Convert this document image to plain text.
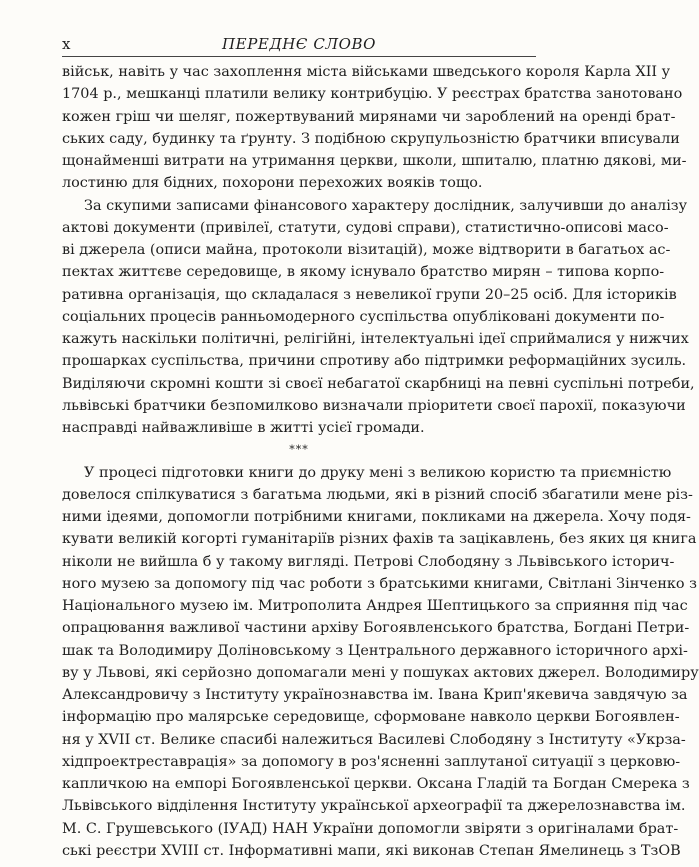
x	ПЕРЕДНЄ СЛОВО
військ, навіть у час захоплення міста військами шведського короля Карла XII у
1704 р., мешканці платили велику контрибуцію. У реєстрах братства занотовано
кожен гріш чи шеляг, пожертвуваний мирянами чи зароблений на оренді брат-
ських саду, будинку та ґрунту. З подібною скрупульозністю братчики вписували
щонайменші витрати на утримання церкви, школи, шпиталю, платню дякові, ми-
лостиню для бідних, похорони перехожих вояків тощо.
За скупими записами фінансового характеру дослідник, залучивши до аналізу
актові документи (привілеї, статути, судові справи), статистично-описові масо-
ві джерела (описи майна, протоколи візитацій), може відтворити в багатьох ас-
пектах життєве середовище, в якому існувало братство мирян – типова корпо-
ративна організація, що складалася з невеликої групи 20–25 осіб. Для істориків
соціальних процесів ранньомодерного суспільства опубліковані документи по-
кажуть наскільки політичні, релігійні, інтелектуальні ідеї сприймалися у нижчих
прошарках суспільства, причини спротиву або підтримки реформаційних зусиль.
Виділяючи скромні кошти зі своєї небагатої скарбниці на певні суспільні потреби,
львівські братчики безпомилково визначали пріоритети своєї парохії, показуючи
насправді найважливіше в житті усієї громади.
***
У процесі підготовки книги до друку мені з великою користю та приємністю
довелося спілкуватися з багатьма людьми, які в різний спосіб збагатили мене різ-
ними ідеями, допомогли потрібними книгами, покликами на джерела. Хочу подя-
кувати великій когорті гуманітаріїв різних фахів та зацікавлень, без яких ця книга
ніколи не вийшла б у такому вигляді. Петрові Слободяну з Львівського історич-
ного музею за допомогу під час роботи з братськими книгами, Світлані Зінченко з
Національного музею ім. Митрополита Андрея Шептицького за сприяння під час
опрацювання важливої частини архіву Богоявленського братства, Богдані Петри-
шак та Володимиру Доліновському з Центрального державного історичного архі-
ву у Львові, які серйозно допомагали мені у пошуках актових джерел. Володимиру
Александровичу з Інституту українознавства ім. Івана Крип'якевича завдячую за
інформацію про малярське середовище, сформоване навколо церкви Богоявлен-
ня у XVII ст. Велике спасибі належиться Василеві Слободяну з Інституту «Укрза-
хідпроектреставрація» за допомогу в роз'ясненні заплутаної ситуації з церковю-
капличкою на емпорі Богоявленської церкви. Оксана Гладій та Богдан Смерека з
Львівського відділення Інституту української археографії та джерелознавства ім.
М. С. Грушевського (ІУАД) НАН України допомогли звіряти з оригіналами брат-
ські реєстри XVIII ст. Інформативні мапи, які виконав Степан Ямелинець з ТзОВ
